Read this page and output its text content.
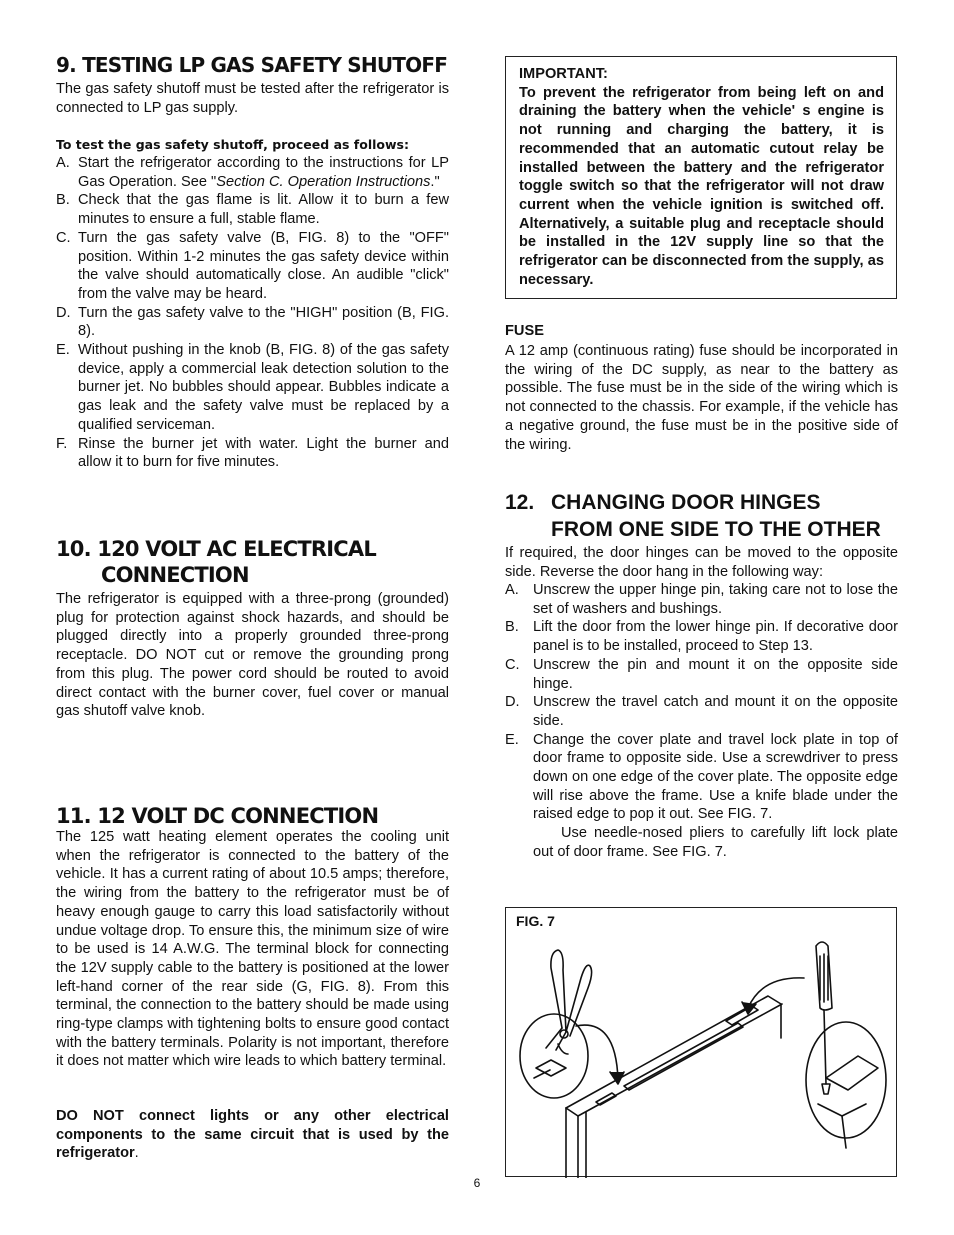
9. TESTING LP GAS SAFETY SHUTOFF

The gas safety shutoff must be tested after the refrigerator is connected to LP gas supply.

To test the gas safety shutoff, proceed as follows:

A. Start the refrigerator according to the instructions for LP Gas Operation. See "Section C. Operation Instructions."
B. Check that the gas flame is lit. Allow it to burn a few minutes to ensure a full, stable flame.
C. Turn the gas safety valve (B, FIG. 8) to the "OFF" position. Within 1-2 minutes the gas safety device within the valve should automatically close. An audible "click" from the valve may be heard.
D. Turn the gas safety valve to the "HIGH" position (B, FIG. 8).
E. Without pushing in the knob (B, FIG. 8) of the gas safety device, apply a commercial leak detection solution to the burner jet. No bubbles should appear. Bubbles indicate a gas leak and the safety valve must be replaced by a qualified serviceman.
F. Rinse the burner jet with water. Light the burner and allow it to burn for five minutes.
10. 120 VOLT AC ELECTRICAL
CONNECTION

The refrigerator is equipped with a three-prong (grounded) plug for protection against shock hazards, and should be plugged directly into a properly grounded three-prong receptacle. DO NOT cut or remove the grounding prong from this plug. The power cord should be routed to avoid direct contact with the burner cover, fuel cover or manual gas shutoff valve knob.

11. 12 VOLT DC CONNECTION

The 125 watt heating element operates the cooling unit when the refrigerator is connected to the battery of the vehicle. It has a current rating of about 10.5 amps; therefore, the wiring from the battery to the refrigerator must be of heavy enough gauge to carry this load satisfactorily without undue voltage drop. To ensure this, the minimum size of wire to be used is 14 A.W.G. The terminal block for connecting the 12V supply cable to the battery is positioned at the lower left-hand corner of the rear side (G, FIG. 8). From this terminal, the connection to the battery should be made using ring-type clamps with tightening bolts to ensure good contact with the battery terminals. Polarity is not important, therefore it does not matter which wire leads to which battery terminal.

DO NOT connect lights or any other electrical components to the same circuit that is used by the refrigerator.

IMPORTANT:
To prevent the refrigerator from being left on and draining the battery when the vehicle' s engine is not running and charging the battery, it is recommended that an automatic cutout relay be installed between the battery and the refrigerator toggle switch so that the refrigerator will not draw current when the vehicle ignition is switched off. Alternatively, a suitable plug and receptacle should be installed in the 12V supply line so that the refrigerator can be disconnected from the supply, as necessary.
FUSE

A 12 amp (continuous rating) fuse should be incorporated in the wiring of the DC supply, as near to the battery as possible. The fuse must be in the side of the wiring which is not connected to the chassis. For example, if the vehicle has a negative ground, the fuse must be in the positive side of the wiring.

12. CHANGING DOOR HINGES
FROM ONE SIDE TO THE OTHER

If required, the door hinges can be moved to the opposite side. Reverse the door hang in the following way:

A. Unscrew the upper hinge pin, taking care not to lose the set of washers and bushings.
B. Lift the door from the lower hinge pin. If decorative door panel is to be installed, proceed to Step 13.
C. Unscrew the pin and mount it on the opposite side hinge.
D. Unscrew the travel catch and mount it on the opposite side.
E. Change the cover plate and travel lock plate in top of door frame to opposite side. Use a screwdriver to press down on one edge of the cover plate. The opposite edge will rise above the frame. Use a knife blade under the raised edge to pop it out. See FIG. 7.
Use needle-nosed pliers to carefully lift lock plate out of door frame. See FIG. 7.
FIG. 7
6
